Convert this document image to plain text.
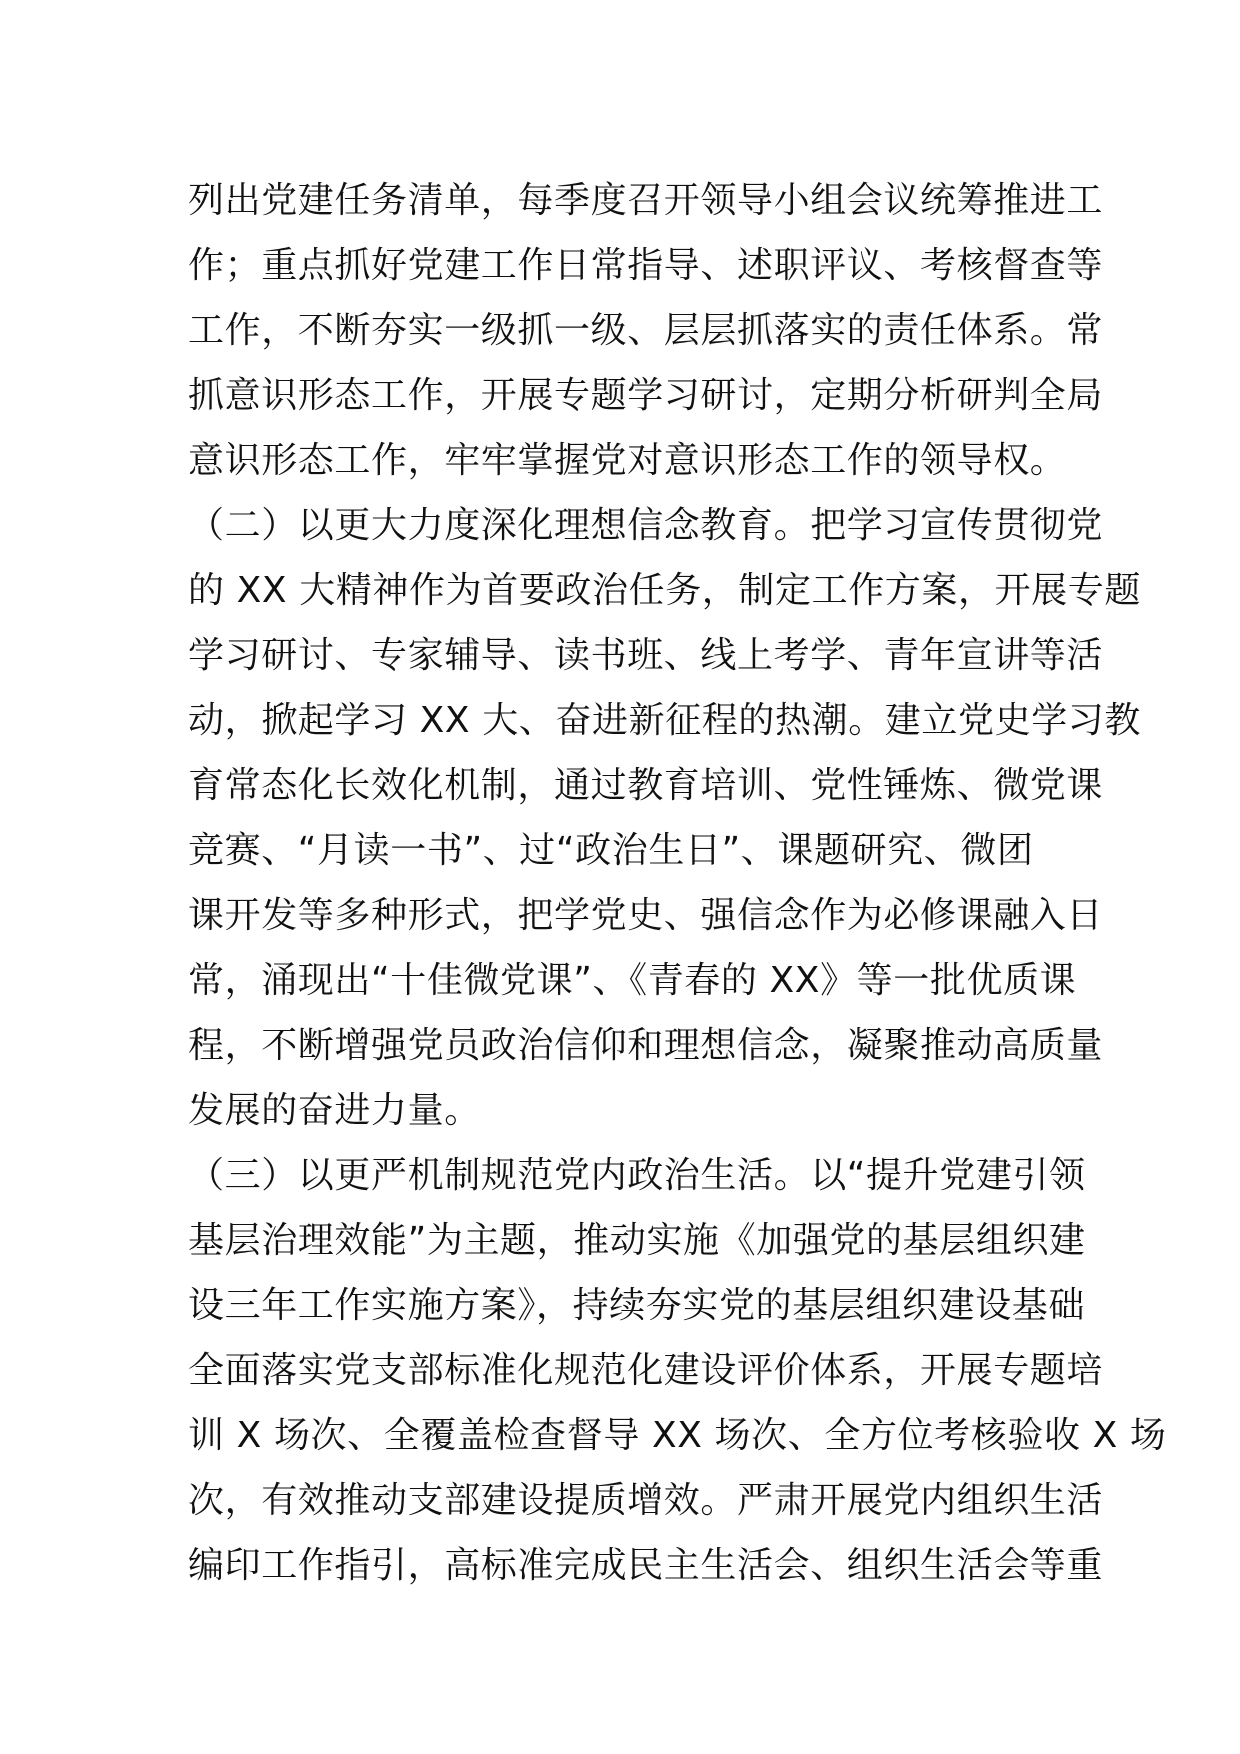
列出党建任务清单，每季度召开领导小组会议统筹推进工
作；重点抓好党建工作日常指导、述职评议、考核督查等
工作，不断夯实一级抓一级、层层抓落实的责任体系。常
抓意识形态工作，开展专题学习研讨，定期分析研判全局
意识形态工作，牢牢掌握党对意识形态工作的领导权。
（二）以更大力度深化理想信念教育。把学习宣传贯彻党
的 XX 大精神作为首要政治任务，制定工作方案，开展专题
学习研讨、专家辅导、读书班、线上考学、青年宣讲等活
动，掀起学习 XX 大、奋进新征程的热潮。建立党史学习教
育常态化长效化机制，通过教育培训、党性锤炼、微党课
竞赛、“月读一书”、过“政治生日”、课题研究、微团
课开发等多种形式，把学党史、强信念作为必修课融入日
常，涌现出“十佳微党课”、《青春的 XX》等一批优质课
程，不断增强党员政治信仰和理想信念，凝聚推动高质量
发展的奋进力量。
（三）以更严机制规范党内政治生活。以“提升党建引领
基层治理效能”为主题，推动实施《加强党的基层组织建
设三年工作实施方案》，持续夯实党的基层组织建设基础
全面落实党支部标准化规范化建设评价体系，开展专题培
训 X 场次、全覆盖检查督导 XX 场次、全方位考核验收 X 场
次，有效推动支部建设提质增效。严肃开展党内组织生活
编印工作指引，高标准完成民主生活会、组织生活会等重
